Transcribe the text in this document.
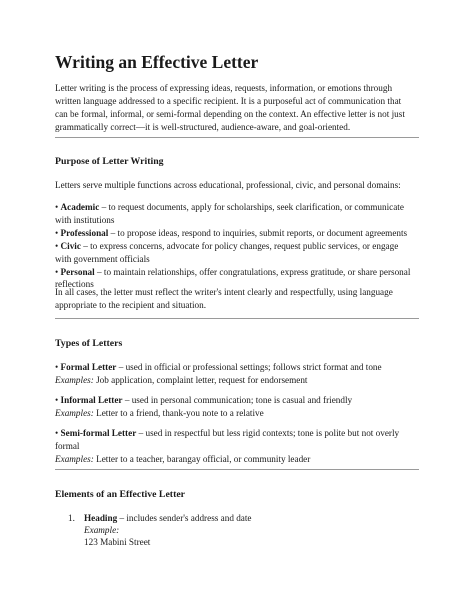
Writing an Effective Letter
Letter writing is the process of expressing ideas, requests, information, or emotions through
written language addressed to a specific recipient. It is a purposeful act of communication that
can be formal, informal, or semi-formal depending on the context. An effective letter is not just
grammatically correct—it is well-structured, audience-aware, and goal-oriented.
Purpose of Letter Writing
Letters serve multiple functions across educational, professional, civic, and personal domains:
• Academic – to request documents, apply for scholarships, seek clarification, or communicate
with institutions
• Professional – to propose ideas, respond to inquiries, submit reports, or document agreements
• Civic – to express concerns, advocate for policy changes, request public services, or engage
with government officials
• Personal – to maintain relationships, offer congratulations, express gratitude, or share personal
reflections
In all cases, the letter must reflect the writer's intent clearly and respectfully, using language
appropriate to the recipient and situation.
Types of Letters
• Formal Letter – used in official or professional settings; follows strict format and tone
Examples: Job application, complaint letter, request for endorsement
• Informal Letter – used in personal communication; tone is casual and friendly
Examples: Letter to a friend, thank-you note to a relative
• Semi-formal Letter – used in respectful but less rigid contexts; tone is polite but not overly
formal
Examples: Letter to a teacher, barangay official, or community leader
Elements of an Effective Letter
1. Heading – includes sender's address and date
Example:
123 Mabini Street
